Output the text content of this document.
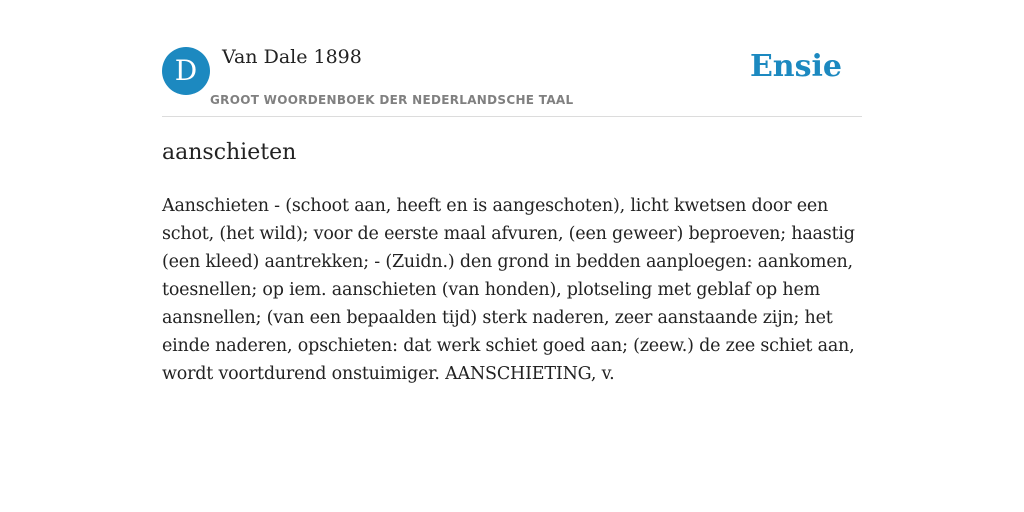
D	Van Dale 1898
GROOT WOORDENBOEK DER NEDERLANDSCHE TAAL
Ensie
aanschieten
Aanschieten - (schoot aan, heeft en is aangeschoten), licht kwetsen door een schot, (het wild); voor de eerste maal afvuren, (een geweer) beproeven; haastig (een kleed) aantrekken; - (Zuidn.) den grond in bedden aanploegen: aankomen, toesnellen; op iem. aanschieten (van honden), plotseling met geblaf op hem aansnellen; (van een bepaalden tijd) sterk naderen, zeer aanstaande zijn; het einde naderen, opschieten: dat werk schiet goed aan; (zeew.) de zee schiet aan, wordt voortdurend onstuimiger. AANSCHIETING, v.
